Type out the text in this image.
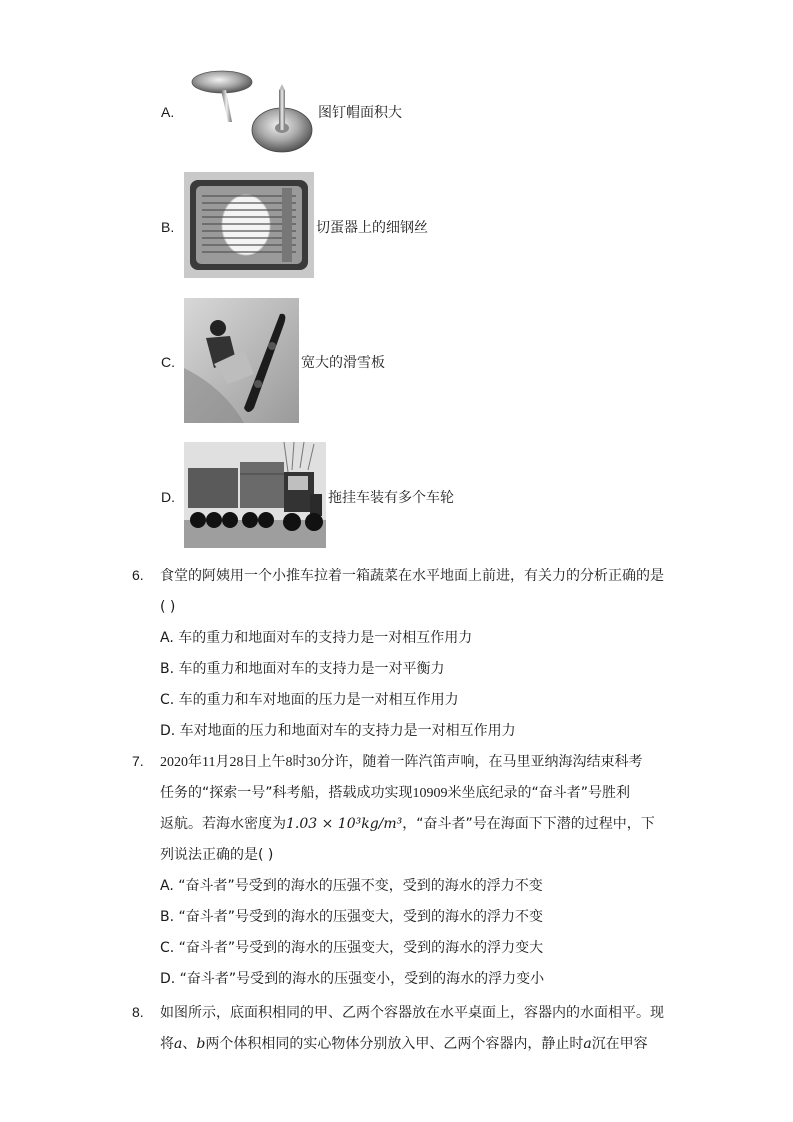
A.	图钉帽面积大
B.	切蛋器上的细钢丝
C.	宽大的滑雪板
D.	拖挂车装有多个车轮
6. 食堂的阿姨用一个小推车拉着一箱蔬菜在水平地面上前进，有关力的分析正确的是
( )
A. 车的重力和地面对车的支持力是一对相互作用力
B. 车的重力和地面对车的支持力是一对平衡力
C. 车的重力和车对地面的压力是一对相互作用力
D. 车对地面的压力和地面对车的支持力是一对相互作用力
7. 2020年11月28日上午8时30分许，随着一阵汽笛声响，在马里亚纳海沟结束科考
任务的“探索一号”科考船，搭载成功实现10909米坐底纪录的“奋斗者”号胜利
返航。若海水密度为1.03 × 10³kg/m³，“奋斗者”号在海面下下潜的过程中，下
列说法正确的是( )
A. “奋斗者”号受到的海水的压强不变，受到的海水的浮力不变
B. “奋斗者”号受到的海水的压强变大，受到的海水的浮力不变
C. “奋斗者”号受到的海水的压强变大，受到的海水的浮力变大
D. “奋斗者”号受到的海水的压强变小，受到的海水的浮力变小
8. 如图所示，底面积相同的甲、乙两个容器放在水平桌面上，容器内的水面相平。现
将a、b两个体积相同的实心物体分别放入甲、乙两个容器内，静止时a沉在甲容
